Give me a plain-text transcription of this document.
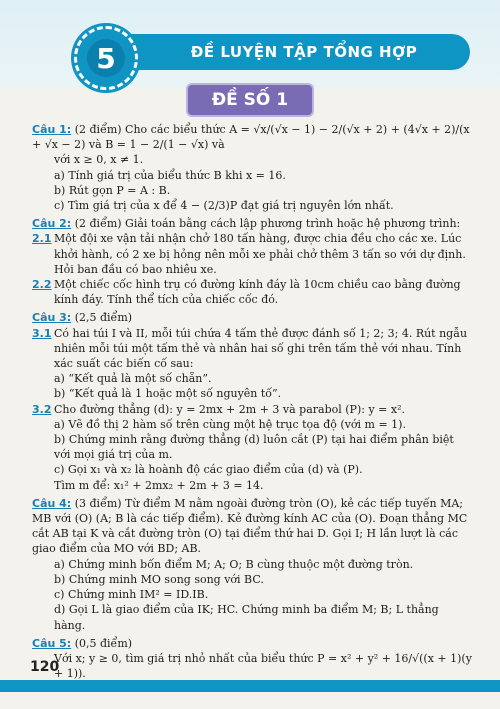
ĐỀ LUYỆN TẬP TỔNG HỢP
5
ĐỀ SỐ 1

Câu 1: (2 điểm) Cho các biểu thức A = √x/(√x − 1) − 2/(√x + 2) + (4√x + 2)/(x + √x − 2) và B = 1 − 2/(1 − √x) và

với x ≥ 0, x ≠ 1.

a) Tính giá trị của biểu thức B khi x = 16.

b) Rút gọn P = A : B.

c) Tìm giá trị của x để 4 − (2/3)P đạt giá trị nguyên lớn nhất.

Câu 2: (2 điểm) Giải toán bằng cách lập phương trình hoặc hệ phương trình:

2.1 Một đội xe vận tải nhận chở 180 tấn hàng, được chia đều cho các xe. Lúc khởi hành, có 2 xe bị hỏng nên mỗi xe phải chở thêm 3 tấn so với dự định. Hỏi ban đầu có bao nhiêu xe.
2.2 Một chiếc cốc hình trụ có đường kính đáy là 10cm chiều cao bằng đường kính đáy. Tính thể tích của chiếc cốc đó.

Câu 3: (2,5 điểm)

3.1 Có hai túi I và II, mỗi túi chứa 4 tấm thẻ được đánh số 1; 2; 3; 4. Rút ngẫu nhiên mỗi túi một tấm thẻ và nhân hai số ghi trên tấm thẻ với nhau. Tính xác suất các biến cố sau:

a) “Kết quả là một số chẵn”.

b) “Kết quả là 1 hoặc một số nguyên tố”.

3.2 Cho đường thẳng (d): y = 2mx + 2m + 3 và parabol (P): y = x².

a) Vẽ đồ thị 2 hàm số trên cùng một hệ trục tọa độ (với m = 1).

b) Chứng minh rằng đường thẳng (d) luôn cắt (P) tại hai điểm phân biệt với mọi giá trị của m.

c) Gọi x₁ và x₂ là hoành độ các giao điểm của (d) và (P).

Tìm m để: x₁² + 2mx₂ + 2m + 3 = 14.

Câu 4: (3 điểm) Từ điểm M nằm ngoài đường tròn (O), kẻ các tiếp tuyến MA; MB với (O) (A; B là các tiếp điểm). Kẻ đường kính AC của (O). Đoạn thẳng MC cắt AB tại K và cắt đường tròn (O) tại điểm thứ hai D. Gọi I; H lần lượt là các giao điểm của MO với BD; AB.

a) Chứng minh bốn điểm M; A; O; B cùng thuộc một đường tròn.

b) Chứng minh MO song song với BC.

c) Chứng minh IM² = ID.IB.

d) Gọi L là giao điểm của IK; HC. Chứng minh ba điểm M; B; L thẳng hàng.

Câu 5: (0,5 điểm)

Với x; y ≥ 0, tìm giá trị nhỏ nhất của biểu thức P = x² + y² + 16/√((x + 1)(y + 1)).

120
